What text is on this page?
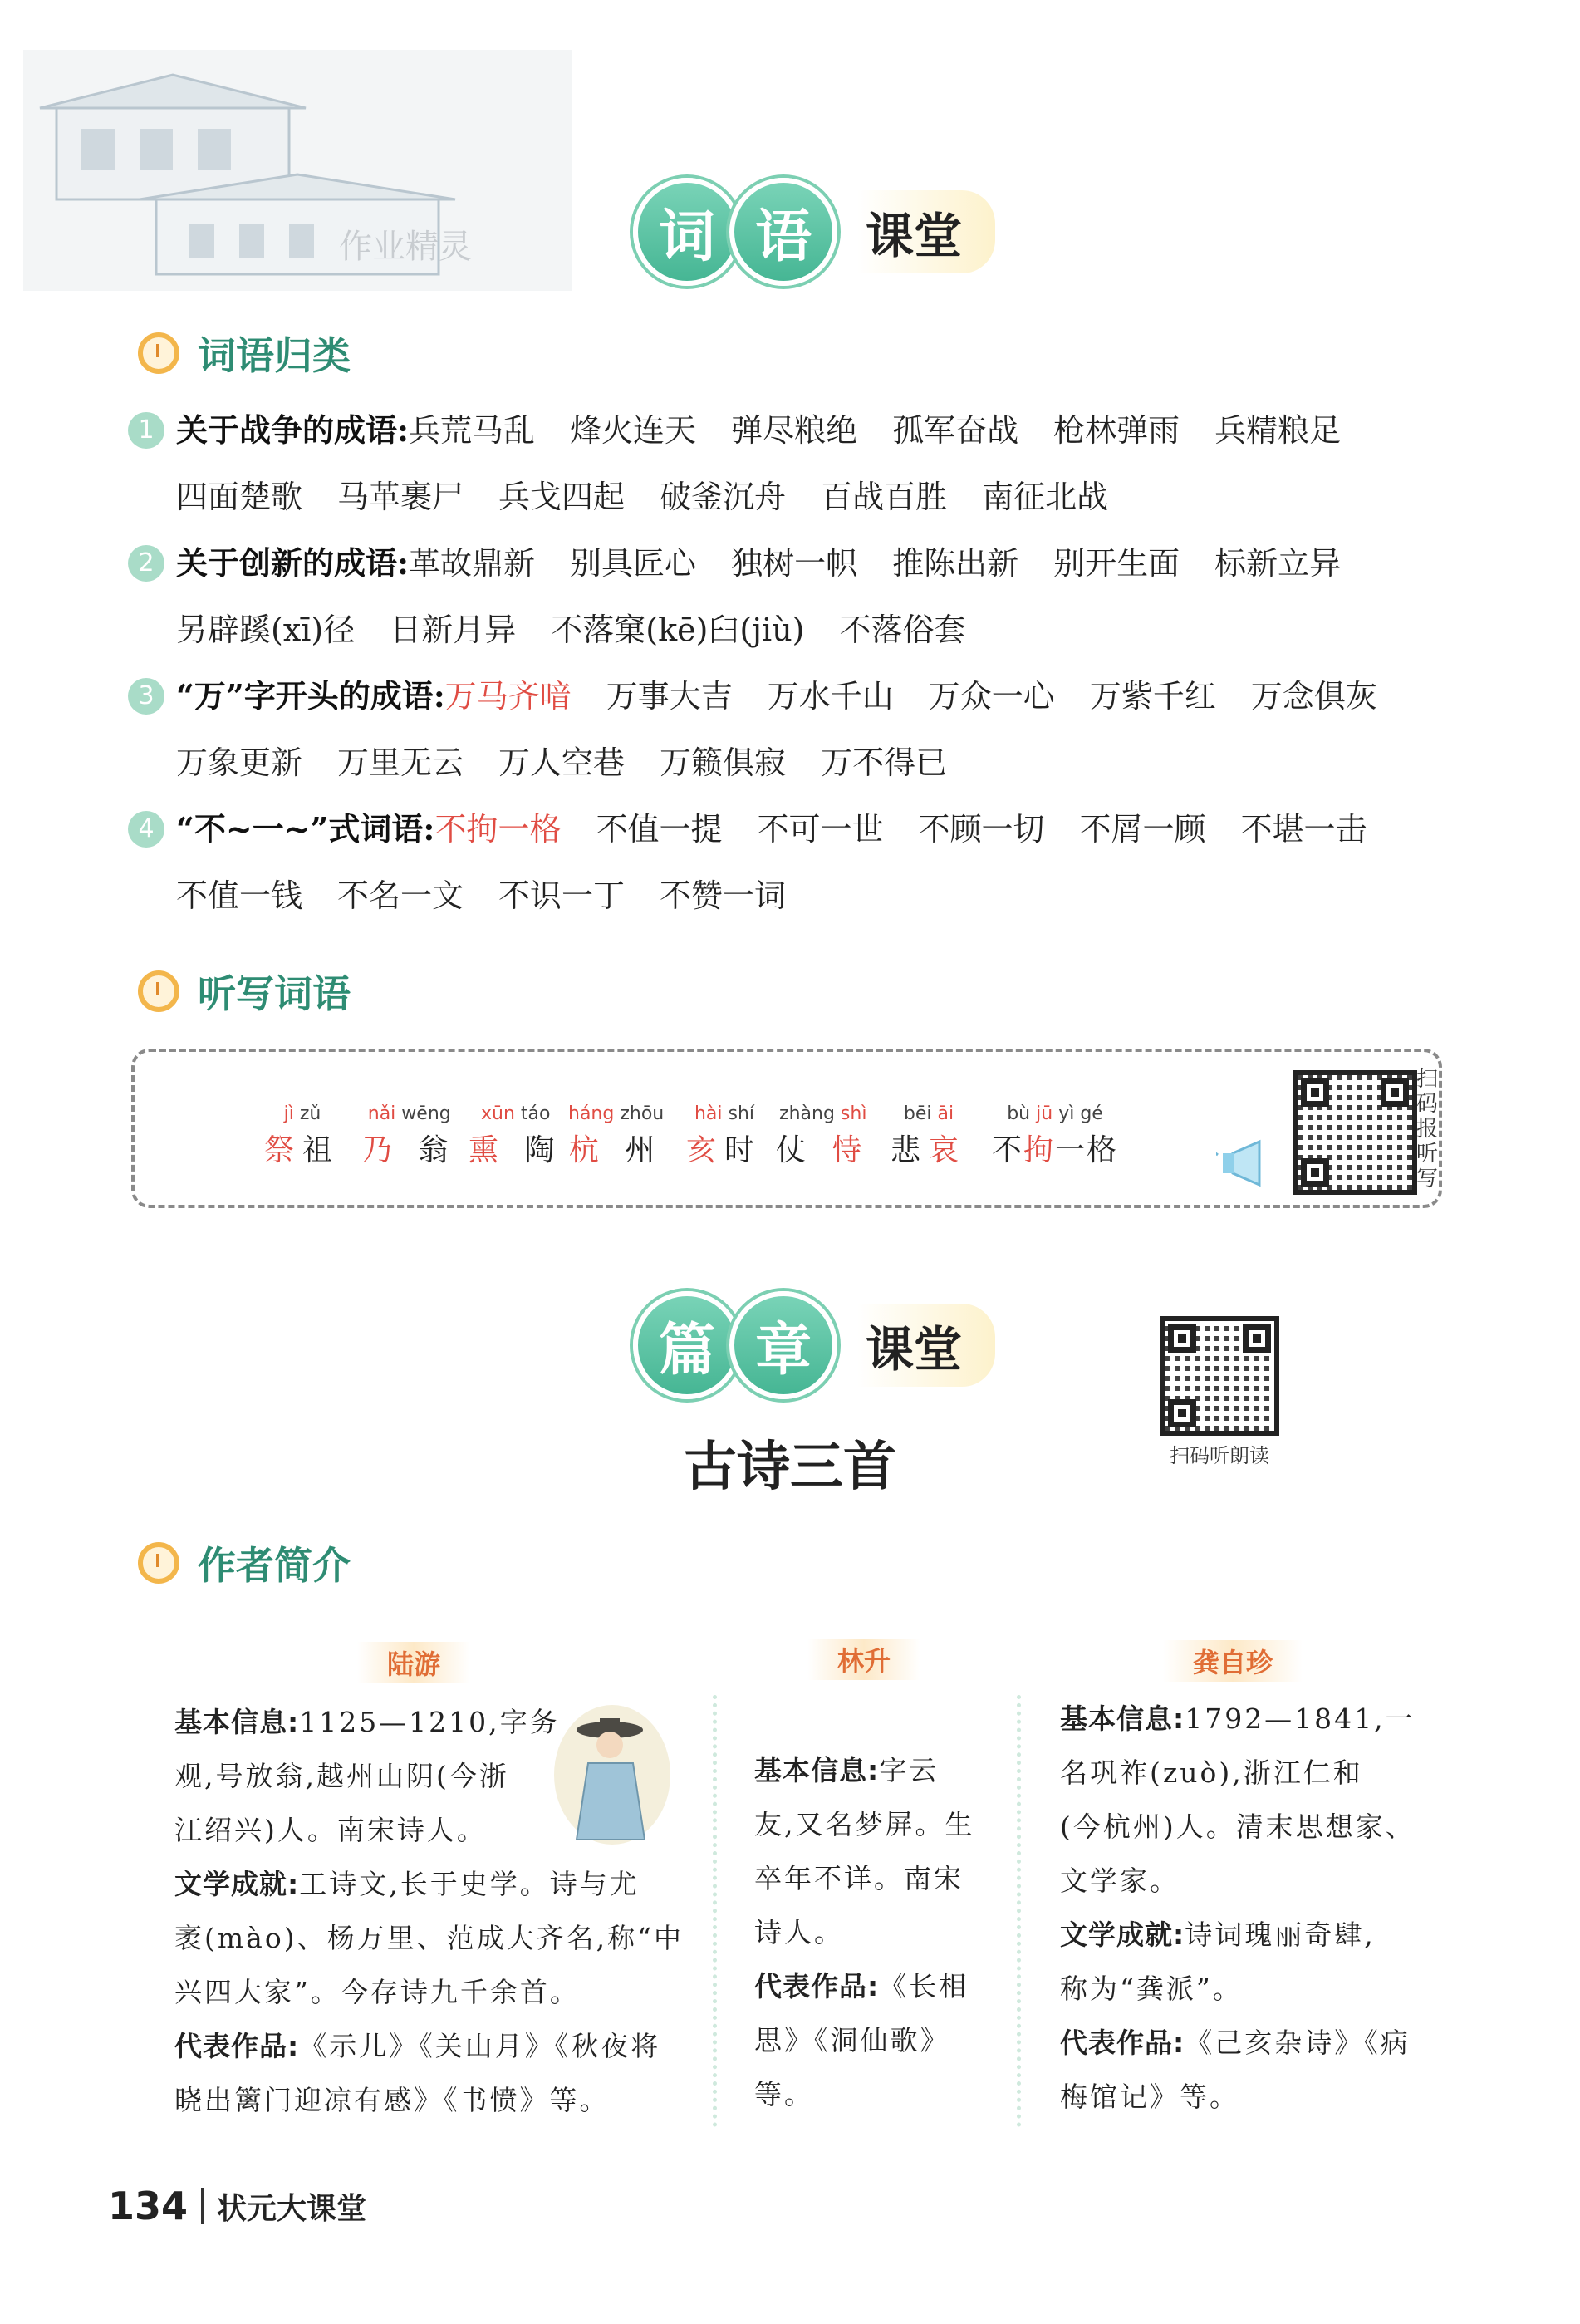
作业精灵	词 语	课堂
词语归类
1 关于战争的成语:兵荒马乱 烽火连天 弹尽粮绝 孤军奋战 枪林弹雨 兵精粮足
四面楚歌 马革裹尸 兵戈四起 破釜沉舟 百战百胜 南征北战
2 关于创新的成语:革故鼎新 别具匠心 独树一帜 推陈出新 别开生面 标新立异
另辟蹊(xī)径 日新月异 不落窠(kē)臼(jiù) 不落俗套
3 “万”字开头的成语:万马齐喑 万事大吉 万水千山 万众一心 万紫千红 万念俱灰
万象更新 万里无云 万人空巷 万籁俱寂 万不得已
4 “不~一~”式词语:不拘一格 不值一提 不可一世 不顾一切 不屑一顾 不堪一击
不值一钱 不名一文 不识一丁 不赞一词
听写词语
jì zǔ
祭祖
nǎi wēng
乃 翁
xūn táo
熏 陶
háng zhōu
杭 州
hài shí
亥时
zhàng shì
仗 恃
bēi āi
悲哀
bù jū yì gé
不拘一格
扫码报听写
篇 章	课堂
扫码听朗读
古诗三首
作者简介
陆游	林升	龚自珍
基本信息:1125—1210,字务
观,号放翁,越州山阴(今浙
江绍兴)人。南宋诗人。
文学成就:工诗文,长于史学。诗与尤
袤(mào)、杨万里、范成大齐名,称“中
兴四大家”。今存诗九千余首。
代表作品:《示儿》《关山月》《秋夜将
晓出篱门迎凉有感》《书愤》等。
基本信息:字云
友,又名梦屏。生
卒年不详。南宋
诗人。
代表作品:《长相
思》《洞仙歌》等。
基本信息:1792—1841,一
名巩祚(zuò),浙江仁和
(今杭州)人。清末思想家、
文学家。
文学成就:诗词瑰丽奇肆,
称为“龚派”。
代表作品:《己亥杂诗》《病
梅馆记》等。
134 状元大课堂
